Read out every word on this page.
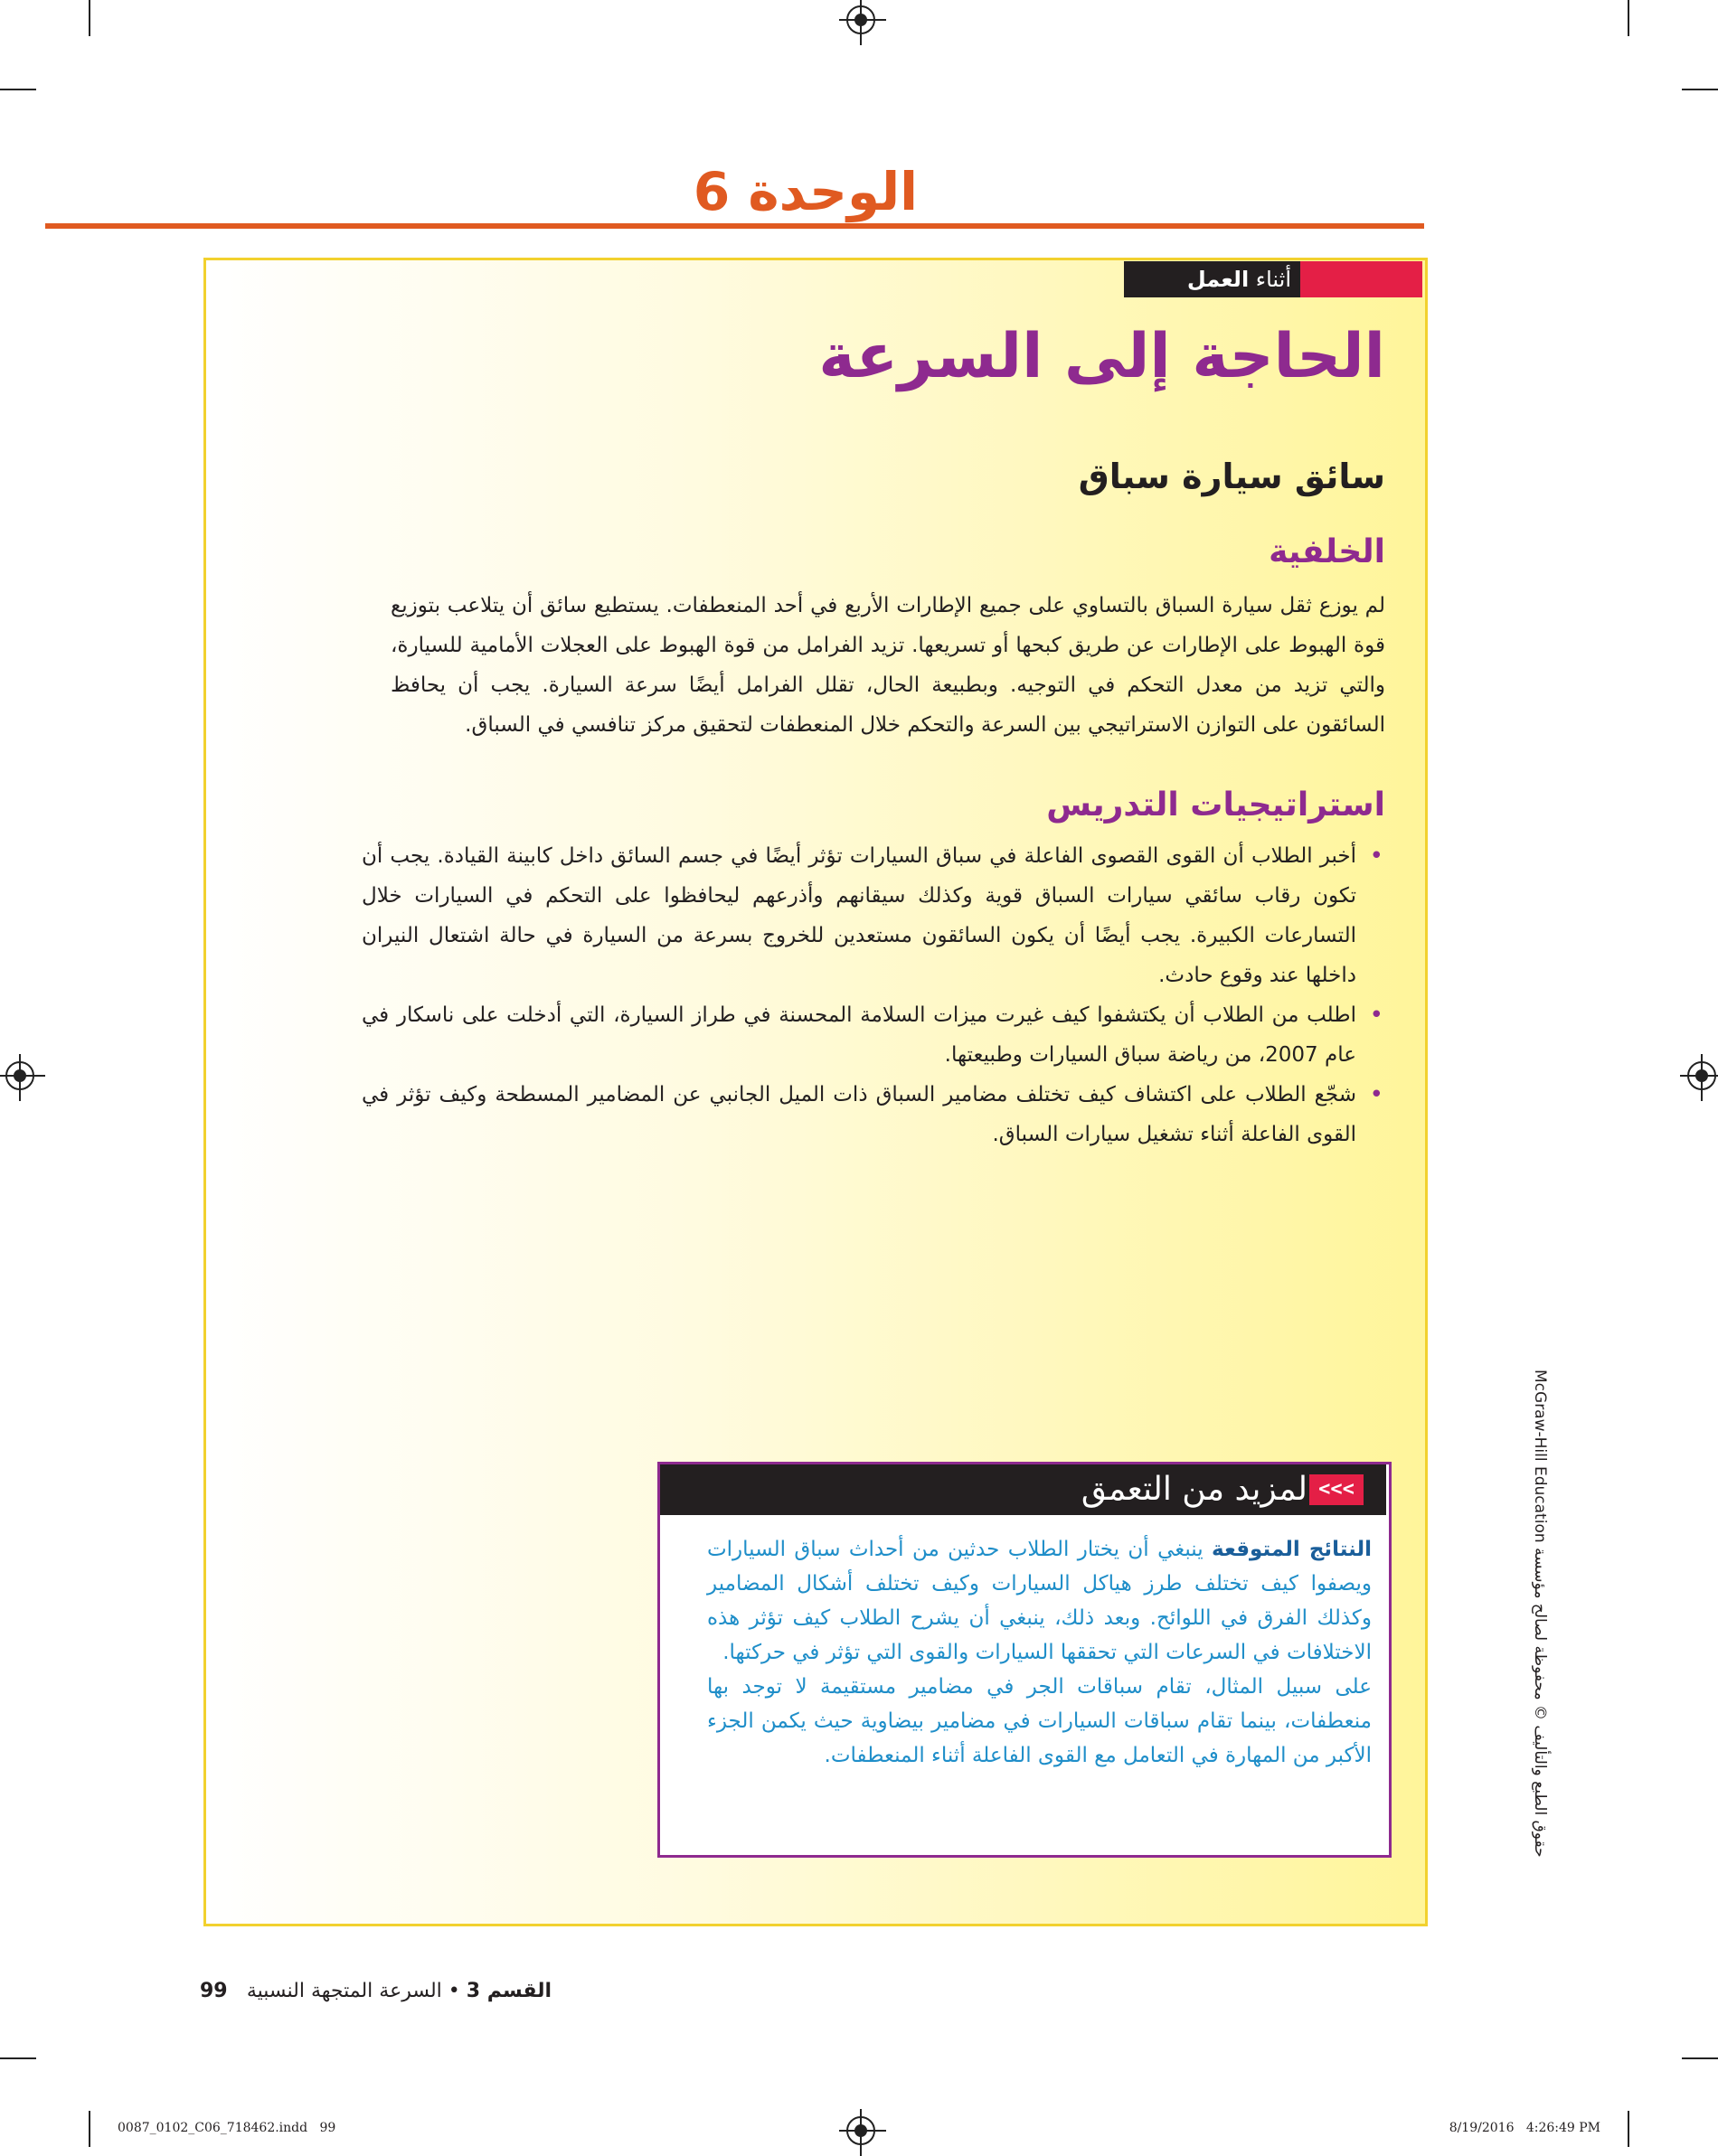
الوحدة 6
أثناء العمل
الحاجة إلى السرعة
سائق سيارة سباق
الخلفية
لم يوزع ثقل سيارة السباق بالتساوي على جميع الإطارات الأربع في أحد المنعطفات. يستطيع سائق أن يتلاعب بتوزيع قوة الهبوط على الإطارات عن طريق كبحها أو تسريعها. تزيد الفرامل من قوة الهبوط على العجلات الأمامية للسيارة، والتي تزيد من معدل التحكم في التوجيه. وبطبيعة الحال، تقلل الفرامل أيضًا سرعة السيارة. يجب أن يحافظ السائقون على التوازن الاستراتيجي بين السرعة والتحكم خلال المنعطفات لتحقيق مركز تنافسي في السباق.
استراتيجيات التدريس
• أخبر الطلاب أن القوى القصوى الفاعلة في سباق السيارات تؤثر أيضًا في جسم السائق داخل كابينة القيادة. يجب أن تكون رقاب سائقي سيارات السباق قوية وكذلك سيقانهم وأذرعهم ليحافظوا على التحكم في السيارات خلال التسارعات الكبيرة. يجب أيضًا أن يكون السائقون مستعدين للخروج بسرعة من السيارة في حالة اشتعال النيران داخلها عند وقوع حادث.
• اطلب من الطلاب أن يكتشفوا كيف غيرت ميزات السلامة المحسنة في طراز السيارة، التي أدخلت على ناسكار في عام 2007، من رياضة سباق السيارات وطبيعتها.
• شجّع الطلاب على اكتشاف كيف تختلف مضامير السباق ذات الميل الجانبي عن المضامير المسطحة وكيف تؤثر في القوى الفاعلة أثناء تشغيل سيارات السباق.
لمزيد من التعمق <<<
النتائج المتوقعة ينبغي أن يختار الطلاب حدثين من أحداث سباق السيارات ويصفوا كيف تختلف طرز هياكل السيارات وكيف تختلف أشكال المضامير وكذلك الفرق في اللوائح. وبعد ذلك، ينبغي أن يشرح الطلاب كيف تؤثر هذه الاختلافات في السرعات التي تحققها السيارات والقوى التي تؤثر في حركتها.
على سبيل المثال، تقام سباقات الجر في مضامير مستقيمة لا توجد بها منعطفات، بينما تقام سباقات السيارات في مضامير بيضاوية حيث يكمن الجزء الأكبر من المهارة في التعامل مع القوى الفاعلة أثناء المنعطفات.
حقوق الطبع والتأليف © محفوظة لصالح مؤسسة McGraw-Hill Education
99	القسم 3 • السرعة المتجهة النسبية
0087_0102_C06_718462.indd   99	8/19/2016   4:26:49 PM
